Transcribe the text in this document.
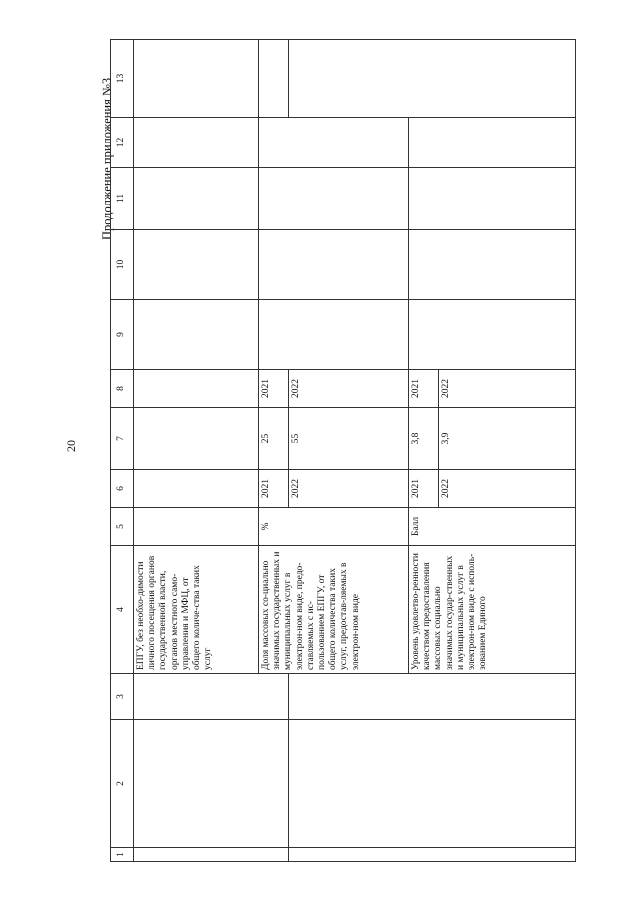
20
Продолжение приложения №3
1	2	3	4	5	6	7	8	9	10	11	12	13
			ЕПГУ, без необхо-димости личного посещения органов государственной власти, органов местного само-управления и МФЦ, от общего количе-ства таких услуг									
			Доля массовых со-циально значимых государственных и муниципальных услуг в электрон-ном виде, предо-ставляемых с ис-пользованием ЕПГУ, от общего количества таких услуг, предостав-ляемых в электрон-ном виде	%	2021	25	2021					
					2022	55	2022					
			Уровень удовлетво-ренности качеством предоставления массовых социально значимых государ-ственных и муниципальных услуг в электрон-ном виде с исполь-зованием Единого	Балл	2021	3,8	2021					
					2022	3,9	2022					
